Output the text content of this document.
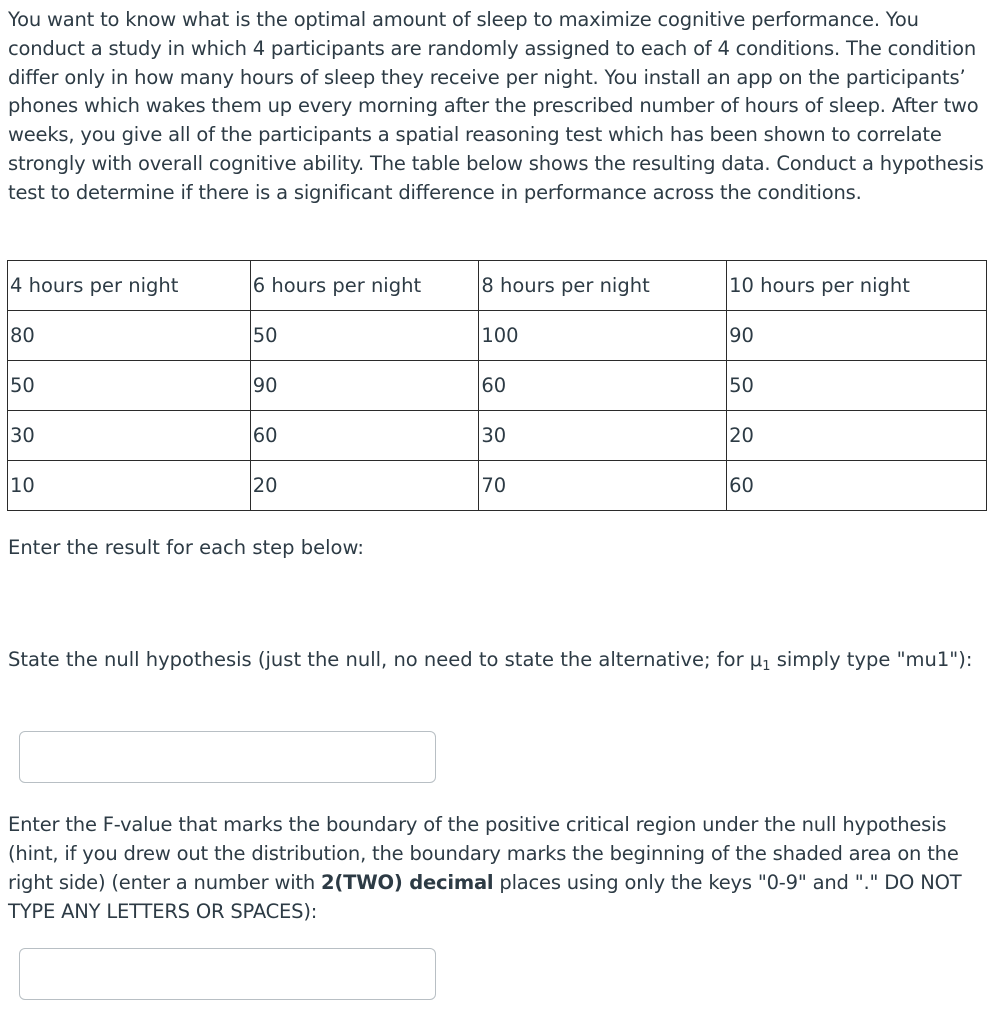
You want to know what is the optimal amount of sleep to maximize cognitive performance. You conduct a study in which 4 participants are randomly assigned to each of 4 conditions. The condition differ only in how many hours of sleep they receive per night. You install an app on the participants’ phones which wakes them up every morning after the prescribed number of hours of sleep. After two weeks, you give all of the participants a spatial reasoning test which has been shown to correlate strongly with overall cognitive ability. The table below shows the resulting data. Conduct a hypothesis test to determine if there is a significant difference in performance across the conditions.

4 hours per night	6 hours per night	8 hours per night	10 hours per night
80	50	100	90
50	90	60	50
30	60	30	20
10	20	70	60

Enter the result for each step below:

State the null hypothesis (just the null, no need to state the alternative; for $\mu_1$ simply type "mu1"):

Enter the F-value that marks the boundary of the positive critical region under the null hypothesis (hint, if you drew out the distribution, the boundary marks the beginning of the shaded area on the right side) (enter a number with 2(TWO) decimal places using only the keys "0-9" and "." DO NOT TYPE ANY LETTERS OR SPACES):
